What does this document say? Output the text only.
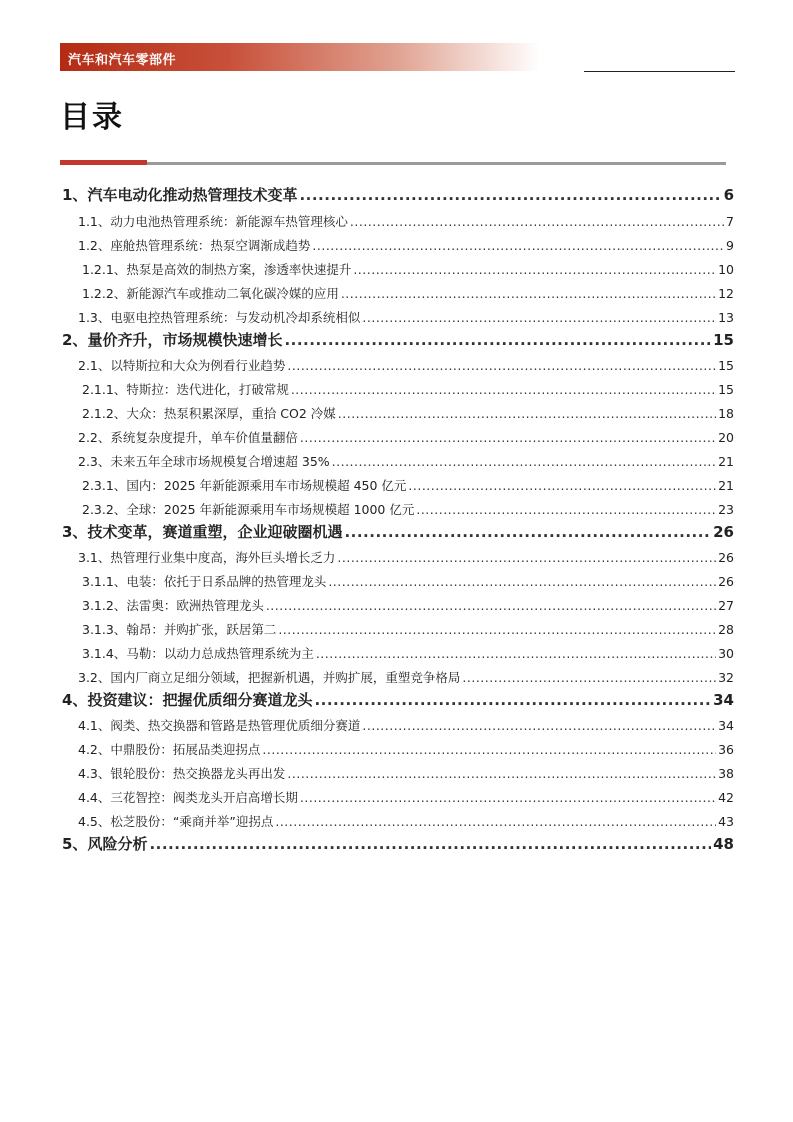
汽车和汽车零部件
目录
1、 汽车电动化推动热管理技术变革 .....	6
1.1、 动力电池热管理系统：新能源车热管理核心 .....	7
1.2、 座舱热管理系统：热泵空调渐成趋势 .....	9
1.2.1、 热泵是高效的制热方案，渗透率快速提升 .....	10
1.2.2、 新能源汽车或推动二氧化碳冷媒的应用 .....	12
1.3、 电驱电控热管理系统：与发动机冷却系统相似 .....	13
2、 量价齐升，市场规模快速增长 .....	15
2.1、 以特斯拉和大众为例看行业趋势 .....	15
2.1.1、 特斯拉：迭代进化，打破常规 .....	15
2.1.2、 大众：热泵积累深厚，重拾 CO2 冷媒 .....	18
2.2、 系统复杂度提升，单车价值量翻倍 .....	20
2.3、 未来五年全球市场规模复合增速超 35% .....	21
2.3.1、 国内：2025 年新能源乘用车市场规模超 450 亿元 .....	21
2.3.2、 全球：2025 年新能源乘用车市场规模超 1000 亿元 .....	23
3、 技术变革，赛道重塑，企业迎破圈机遇 .....	26
3.1、 热管理行业集中度高，海外巨头增长乏力 .....	26
3.1.1、 电装：依托于日系品牌的热管理龙头 .....	26
3.1.2、 法雷奥：欧洲热管理龙头 .....	27
3.1.3、 翰昂：并购扩张，跃居第二 .....	28
3.1.4、 马勒：以动力总成热管理系统为主 .....	30
3.2、 国内厂商立足细分领域，把握新机遇，并购扩展，重塑竞争格局 .....	32
4、 投资建议：把握优质细分赛道龙头 .....	34
4.1、 阀类、热交换器和管路是热管理优质细分赛道 .....	34
4.2、 中鼎股份：拓展品类迎拐点 .....	36
4.3、 银轮股份：热交换器龙头再出发 .....	38
4.4、 三花智控：阀类龙头开启高增长期 .....	42
4.5、 松芝股份：“乘商并举”迎拐点 .....	43
5、 风险分析 .....	48
